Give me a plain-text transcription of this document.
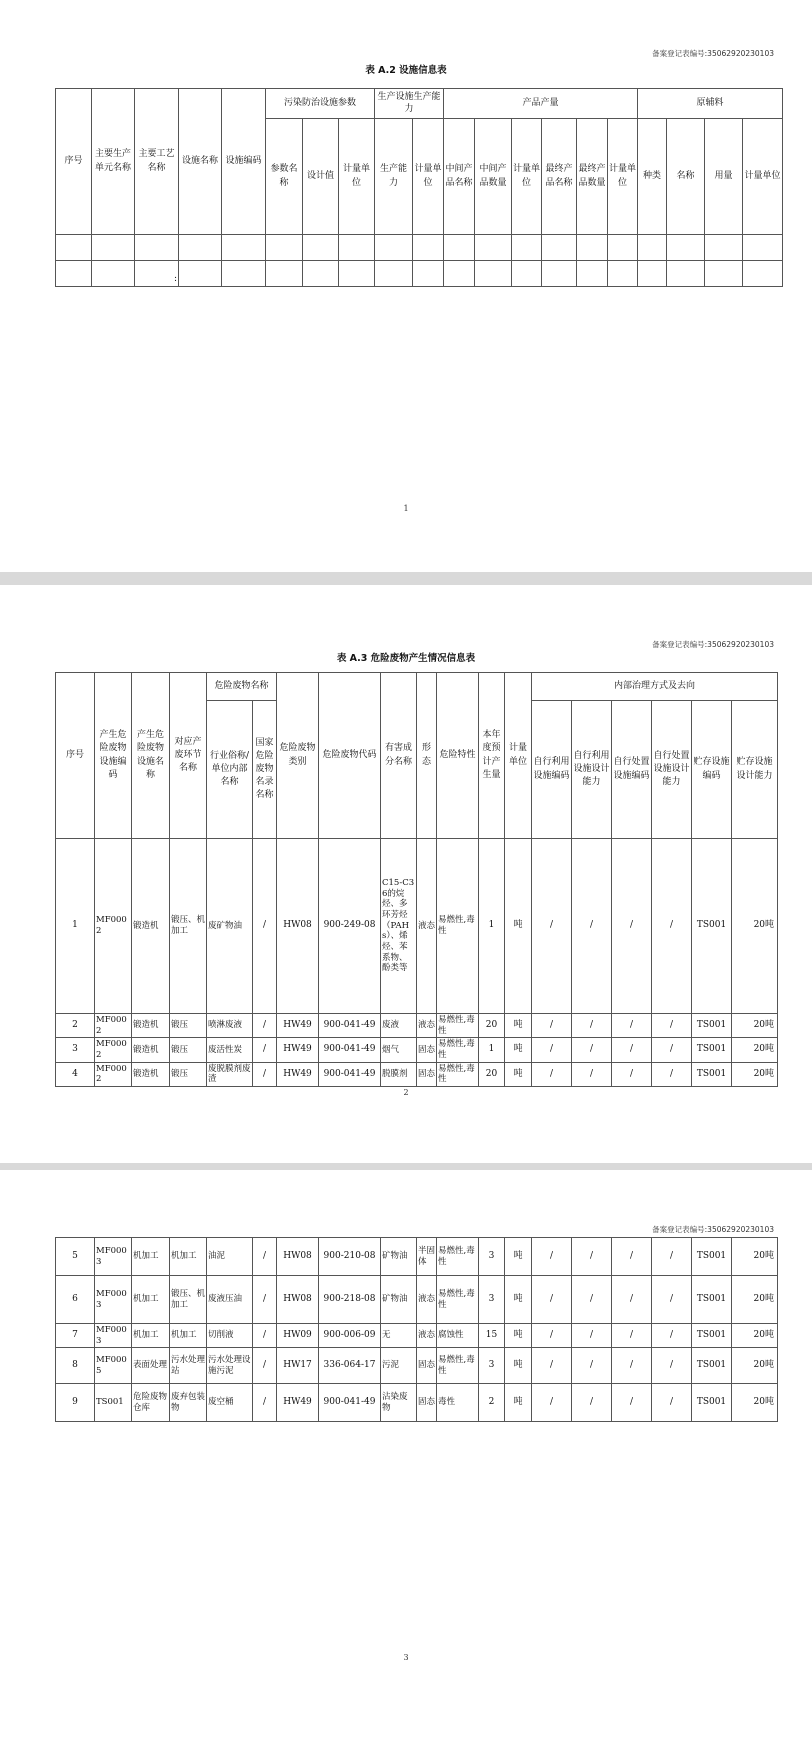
备案登记表编号:35062920230103
表 A.2 设施信息表
序号	主要生产单元名称	主要工艺名称	设施名称	设施编码	污染防治设施参数			生产设施生产能力		产品产量						原辅料			
					参数名称	设计值	计量单位	生产能力	计量单位	中间产品名称	中间产品数量	计量单位	最终产品名称	最终产品数量	计量单位	种类	名称	用量	计量单位

		:																	
1
备案登记表编号:35062920230103
表 A.3 危险废物产生情况信息表
序号	产生危险废物设施编码	产生危险废物设施名称	对应产废环节名称	危险废物名称		危险废物类别	危险废物代码	有害成分名称	形态	危险特性	本年度预计产生量	计量单位	内部治理方式及去向					
				行业俗称/单位内部名称	国家危险废物名录名称								自行利用设施编码	自行利用设施设计能力	自行处置设施编码	自行处置设施设计能力	贮存设施编码	贮存设施设计能力
1	MF0002	锻造机	锻压、机加工	废矿物油	/	HW08	900-249-08	C15-C36的烷烃、多环芳烃（PAHs）、烯烃、苯系物、酚类等	液态	易燃性,毒性	1	吨	/	/	/	/	TS001	20吨
2	MF0002	锻造机	锻压	喷淋废液	/	HW49	900-041-49	废液	液态	易燃性,毒性	20	吨	/	/	/	/	TS001	20吨
3	MF0002	锻造机	锻压	废活性炭	/	HW49	900-041-49	烟气	固态	易燃性,毒性	1	吨	/	/	/	/	TS001	20吨
4	MF0002	锻造机	锻压	废脱膜剂废渣	/	HW49	900-041-49	脱膜剂	固态	易燃性,毒性	20	吨	/	/	/	/	TS001	20吨
2
备案登记表编号:35062920230103
5	MF0003	机加工	机加工	油泥	/	HW08	900-210-08	矿物油	半固体	易燃性,毒性	3	吨	/	/	/	/	TS001	20吨
6	MF0003	机加工	锻压、机加工	废液压油	/	HW08	900-218-08	矿物油	液态	易燃性,毒性	3	吨	/	/	/	/	TS001	20吨
7	MF0003	机加工	机加工	切削液	/	HW09	900-006-09	无	液态	腐蚀性	15	吨	/	/	/	/	TS001	20吨
8	MF0005	表面处理	污水处理站	污水处理设施污泥	/	HW17	336-064-17	污泥	固态	易燃性,毒性	3	吨	/	/	/	/	TS001	20吨
9	TS001	危险废物仓库	废弃包装物	废空桶	/	HW49	900-041-49	沾染废物	固态	毒性	2	吨	/	/	/	/	TS001	20吨
3
